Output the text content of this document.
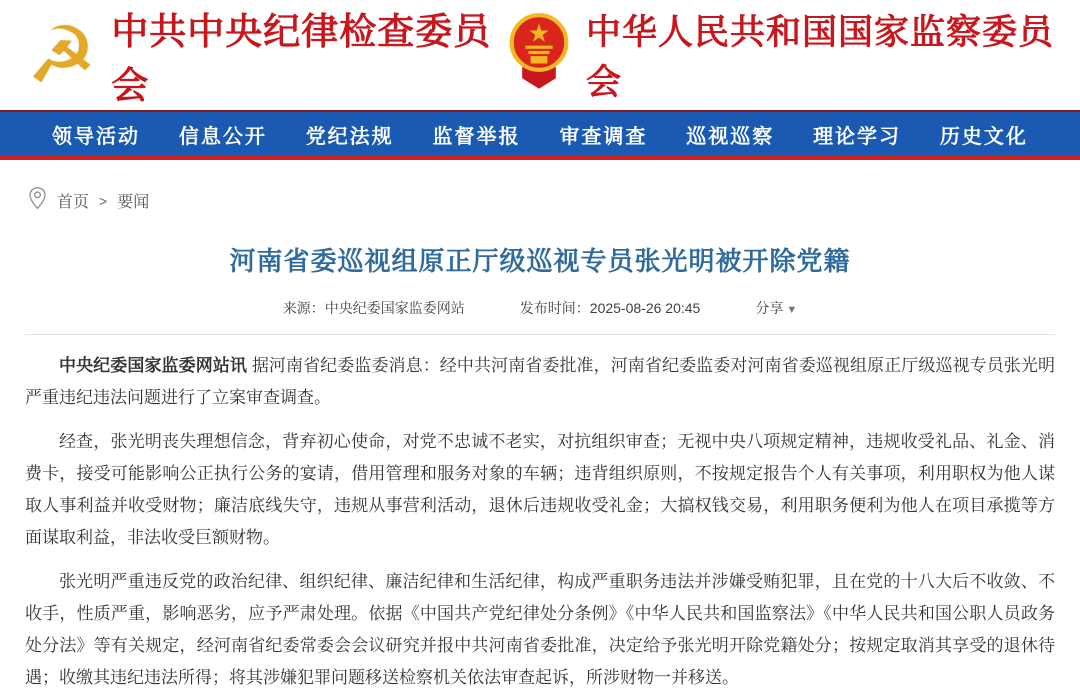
☭ 中共中央纪律检查委员会
中华人民共和国国家监察委员会
领导活动 信息公开 党纪法规 监督举报 审查调查 巡视巡察 理论学习 历史文化
首页 > 要闻
河南省委巡视组原正厅级巡视专员张光明被开除党籍
来源：中央纪委国家监委网站	发布时间：2025-08-26 20:45	分享 ▼

中央纪委国家监委网站讯 据河南省纪委监委消息：经中共河南省委批准，河南省纪委监委对河南省委巡视组原正厅级巡视专员张光明严重违纪违法问题进行了立案审查调查。

经查，张光明丧失理想信念，背弃初心使命，对党不忠诚不老实，对抗组织审查；无视中央八项规定精神，违规收受礼品、礼金、消费卡，接受可能影响公正执行公务的宴请，借用管理和服务对象的车辆；违背组织原则，不按规定报告个人有关事项，利用职权为他人谋取人事利益并收受财物；廉洁底线失守，违规从事营利活动，退休后违规收受礼金；大搞权钱交易，利用职务便利为他人在项目承揽等方面谋取利益，非法收受巨额财物。

张光明严重违反党的政治纪律、组织纪律、廉洁纪律和生活纪律，构成严重职务违法并涉嫌受贿犯罪，且在党的十八大后不收敛、不收手，性质严重，影响恶劣，应予严肃处理。依据《中国共产党纪律处分条例》《中华人民共和国监察法》《中华人民共和国公职人员政务处分法》等有关规定，经河南省纪委常委会会议研究并报中共河南省委批准，决定给予张光明开除党籍处分；按规定取消其享受的退休待遇；收缴其违纪违法所得；将其涉嫌犯罪问题移送检察机关依法审查起诉，所涉财物一并移送。
